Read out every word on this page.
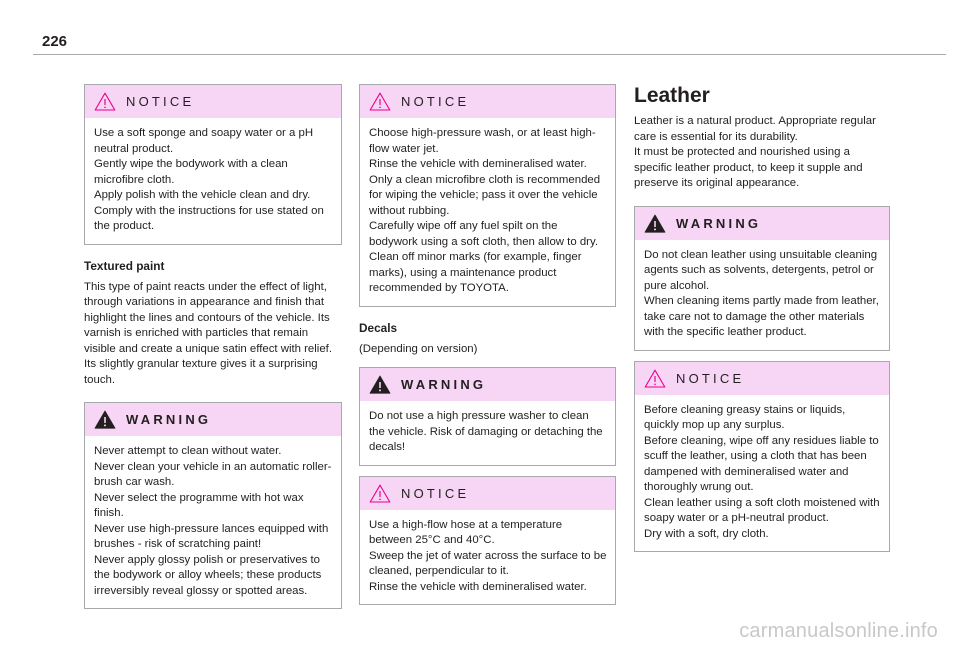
226
NOTICE

Use a soft sponge and soapy water or a pH neutral product.

Gently wipe the bodywork with a clean microfibre cloth.

Apply polish with the vehicle clean and dry.

Comply with the instructions for use stated on the product.

Textured paint
This type of paint reacts under the effect of light, through variations in appearance and finish that highlight the lines and contours of the vehicle. Its varnish is enriched with particles that remain visible and create a unique satin effect with relief. Its slightly granular texture gives it a surprising touch.
WARNING

Never attempt to clean without water.

Never clean your vehicle in an automatic roller-brush car wash.

Never select the programme with hot wax finish.

Never use high-pressure lances equipped with brushes - risk of scratching paint!

Never apply glossy polish or preservatives to the bodywork or alloy wheels; these products irreversibly reveal glossy or spotted areas.

NOTICE

Choose high-pressure wash, or at least high-flow water jet.

Rinse the vehicle with demineralised water.

Only a clean microfibre cloth is recommended for wiping the vehicle; pass it over the vehicle without rubbing.

Carefully wipe off any fuel spilt on the bodywork using a soft cloth, then allow to dry.

Clean off minor marks (for example, finger marks), using a maintenance product recommended by TOYOTA.

Decals
(Depending on version)
WARNING

Do not use a high pressure washer to clean the vehicle. Risk of damaging or detaching the decals!

NOTICE

Use a high-flow hose at a temperature between 25°C and 40°C.

Sweep the jet of water across the surface to be cleaned, perpendicular to it.

Rinse the vehicle with demineralised water.

Leather

Leather is a natural product. Appropriate regular care is essential for its durability.

It must be protected and nourished using a specific leather product, to keep it supple and preserve its original appearance.

WARNING

Do not clean leather using unsuitable cleaning agents such as solvents, detergents, petrol or pure alcohol.

When cleaning items partly made from leather, take care not to damage the other materials with the specific leather product.

NOTICE

Before cleaning greasy stains or liquids, quickly mop up any surplus.

Before cleaning, wipe off any residues liable to scuff the leather, using a cloth that has been dampened with demineralised water and thoroughly wrung out.

Clean leather using a soft cloth moistened with soapy water or a pH-neutral product.

Dry with a soft, dry cloth.

carmanualsonline.info
